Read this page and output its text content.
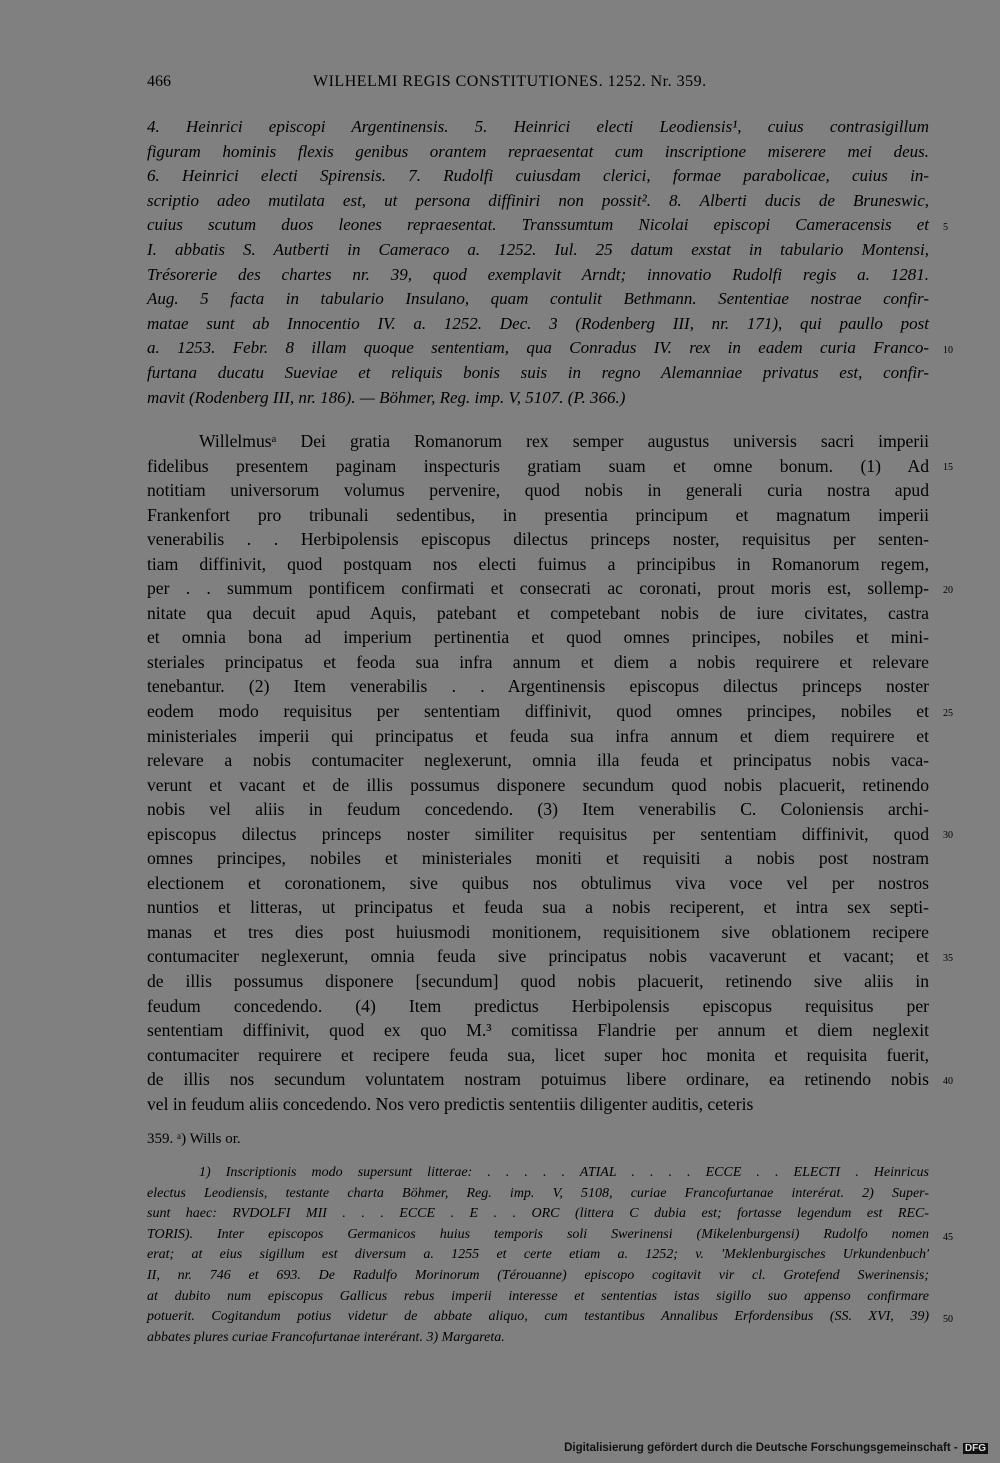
466	WILHELMI REGIS CONSTITUTIONES. 1252. Nr. 359.
4. Heinrici episcopi Argentinensis. 5. Heinrici electi Leodiensis¹, cuius contrasigillum
figuram hominis flexis genibus orantem repraesentat cum inscriptione miserere mei deus.
6. Heinrici electi Spirensis. 7. Rudolfi cuiusdam clerici, formae parabolicae, cuius in-
scriptio adeo mutilata est, ut persona diffiniri non possit². 8. Alberti ducis de Bruneswic,
cuius scutum duos leones repraesentat. Transsumtum Nicolai episcopi Cameracensis et
I. abbatis S. Autberti in Cameraco a. 1252. Iul. 25 datum exstat in tabulario Montensi,
Trésorerie des chartes nr. 39, quod exemplavit Arndt; innovatio Rudolfi regis a. 1281.
Aug. 5 facta in tabulario Insulano, quam contulit Bethmann. Sententiae nostrae confir-
matae sunt ab Innocentio IV. a. 1252. Dec. 3 (Rodenberg III, nr. 171), qui paullo post
a. 1253. Febr. 8 illam quoque sententiam, qua Conradus IV. rex in eadem curia Franco-
furtana ducatu Sueviae et reliquis bonis suis in regno Alemanniae privatus est, confir-
mavit (Rodenberg III, nr. 186). — Böhmer, Reg. imp. V, 5107. (P. 366.)
Willelmusᵃ Dei gratia Romanorum rex semper augustus universis sacri imperii
fidelibus presentem paginam inspecturis gratiam suam et omne bonum. (1) Ad
notitiam universorum volumus pervenire, quod nobis in generali curia nostra apud
Frankenfort pro tribunali sedentibus, in presentia principum et magnatum imperii
venerabilis . . Herbipolensis episcopus dilectus princeps noster, requisitus per senten-
tiam diffinivit, quod postquam nos electi fuimus a principibus in Romanorum regem,
per . . summum pontificem confirmati et consecrati ac coronati, prout moris est, sollemp-
nitate qua decuit apud Aquis, patebant et competebant nobis de iure civitates, castra
et omnia bona ad imperium pertinentia et quod omnes principes, nobiles et mini-
steriales principatus et feoda sua infra annum et diem a nobis requirere et relevare
tenebantur. (2) Item venerabilis . . Argentinensis episcopus dilectus princeps noster
eodem modo requisitus per sententiam diffinivit, quod omnes principes, nobiles et
ministeriales imperii qui principatus et feuda sua infra annum et diem requirere et
relevare a nobis contumaciter neglexerunt, omnia illa feuda et principatus nobis vaca-
verunt et vacant et de illis possumus disponere secundum quod nobis placuerit, retinendo
nobis vel aliis in feudum concedendo. (3) Item venerabilis C. Coloniensis archi-
episcopus dilectus princeps noster similiter requisitus per sententiam diffinivit, quod
omnes principes, nobiles et ministeriales moniti et requisiti a nobis post nostram
electionem et coronationem, sive quibus nos obtulimus viva voce vel per nostros
nuntios et litteras, ut principatus et feuda sua a nobis reciperent, et intra sex septi-
manas et tres dies post huiusmodi monitionem, requisitionem sive oblationem recipere
contumaciter neglexerunt, omnia feuda sive principatus nobis vacaverunt et vacant; et
de illis possumus disponere [secundum] quod nobis placuerit, retinendo sive aliis in
feudum concedendo. (4) Item predictus Herbipolensis episcopus requisitus per
sententiam diffinivit, quod ex quo M.³ comitissa Flandrie per annum et diem neglexit
contumaciter requirere et recipere feuda sua, licet super hoc monita et requisita fuerit,
de illis nos secundum voluntatem nostram potuimus libere ordinare, ea retinendo nobis
vel in feudum aliis concedendo. Nos vero predictis sententiis diligenter auditis, ceteris
359. ᵃ) Wills or.
1) Inscriptionis modo supersunt litterae: . . . . . ATIAL . . . . ECCE . . ELECTI . Heinricus
electus Leodiensis, testante charta Böhmer, Reg. imp. V, 5108, curiae Francofurtanae interérat. 2) Super-
sunt haec: RVDOLFI MII . . . ECCE . E . . ORC (littera C dubia est; fortasse legendum est REC-
TORIS). Inter episcopos Germanicos huius temporis soli Swerinensi (Mikelenburgensi) Rudolfo nomen
erat; at eius sigillum est diversum a. 1255 et certe etiam a. 1252; v. 'Meklenburgisches Urkundenbuch'
II, nr. 746 et 693. De Radulfo Morinorum (Térouanne) episcopo cogitavit vir cl. Grotefend Swerinensis;
at dubito num episcopus Gallicus rebus imperii interesse et sententias istas sigillo suo appenso confirmare
potuerit. Cogitandum potius videtur de abbate aliquo, cum testantibus Annalibus Erfordensibus (SS. XVI, 39)
abbates plures curiae Francofurtanae interérant. 3) Margareta.
Digitalisierung gefördert durch die Deutsche Forschungsgemeinschaft - DFG
5
10
15
20
25
30
35
40
45
50
